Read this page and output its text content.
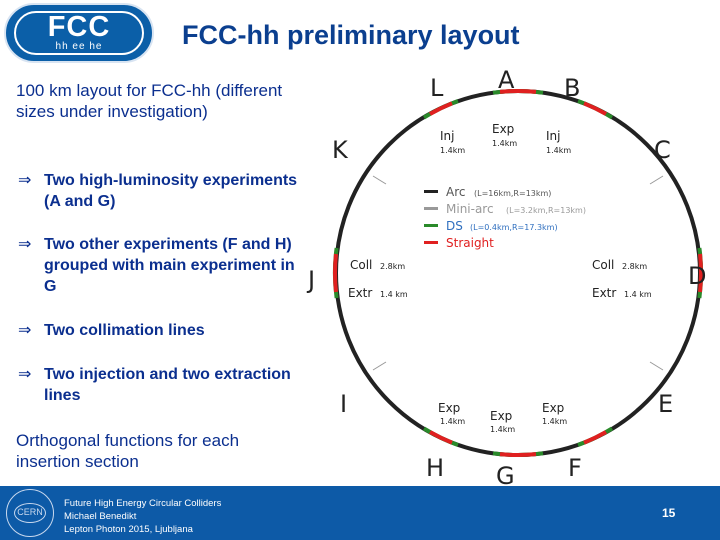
FCC
hh ee he	FCC-hh preliminary layout
100 km layout for FCC-hh (different sizes under investigation)
⇒ Two high-luminosity experiments (A and G)
⇒ Two other experiments (F and H) grouped with main experiment in G
⇒ Two collimation lines
⇒ Two injection and two extraction lines
Orthogonal functions for each insertion section
A B
L
C
K
D
J
E
I
F
H G
Inj
1.4km
Exp
1.4km
Inj
1.4km
Coll 2.8km
Extr 1.4 km
Coll 2.8km
Extr 1.4 km
Exp
1.4km Exp
1.4km
Exp
1.4km
Arc (L=16km,R=13km)
Mini-arc (L=3.2km,R=13km)
DS (L=0.4km,R=17.3km)
Straight
CERN
Future High Energy Circular Colliders
Michael Benedikt
Lepton Photon 2015, Ljubljana
15
